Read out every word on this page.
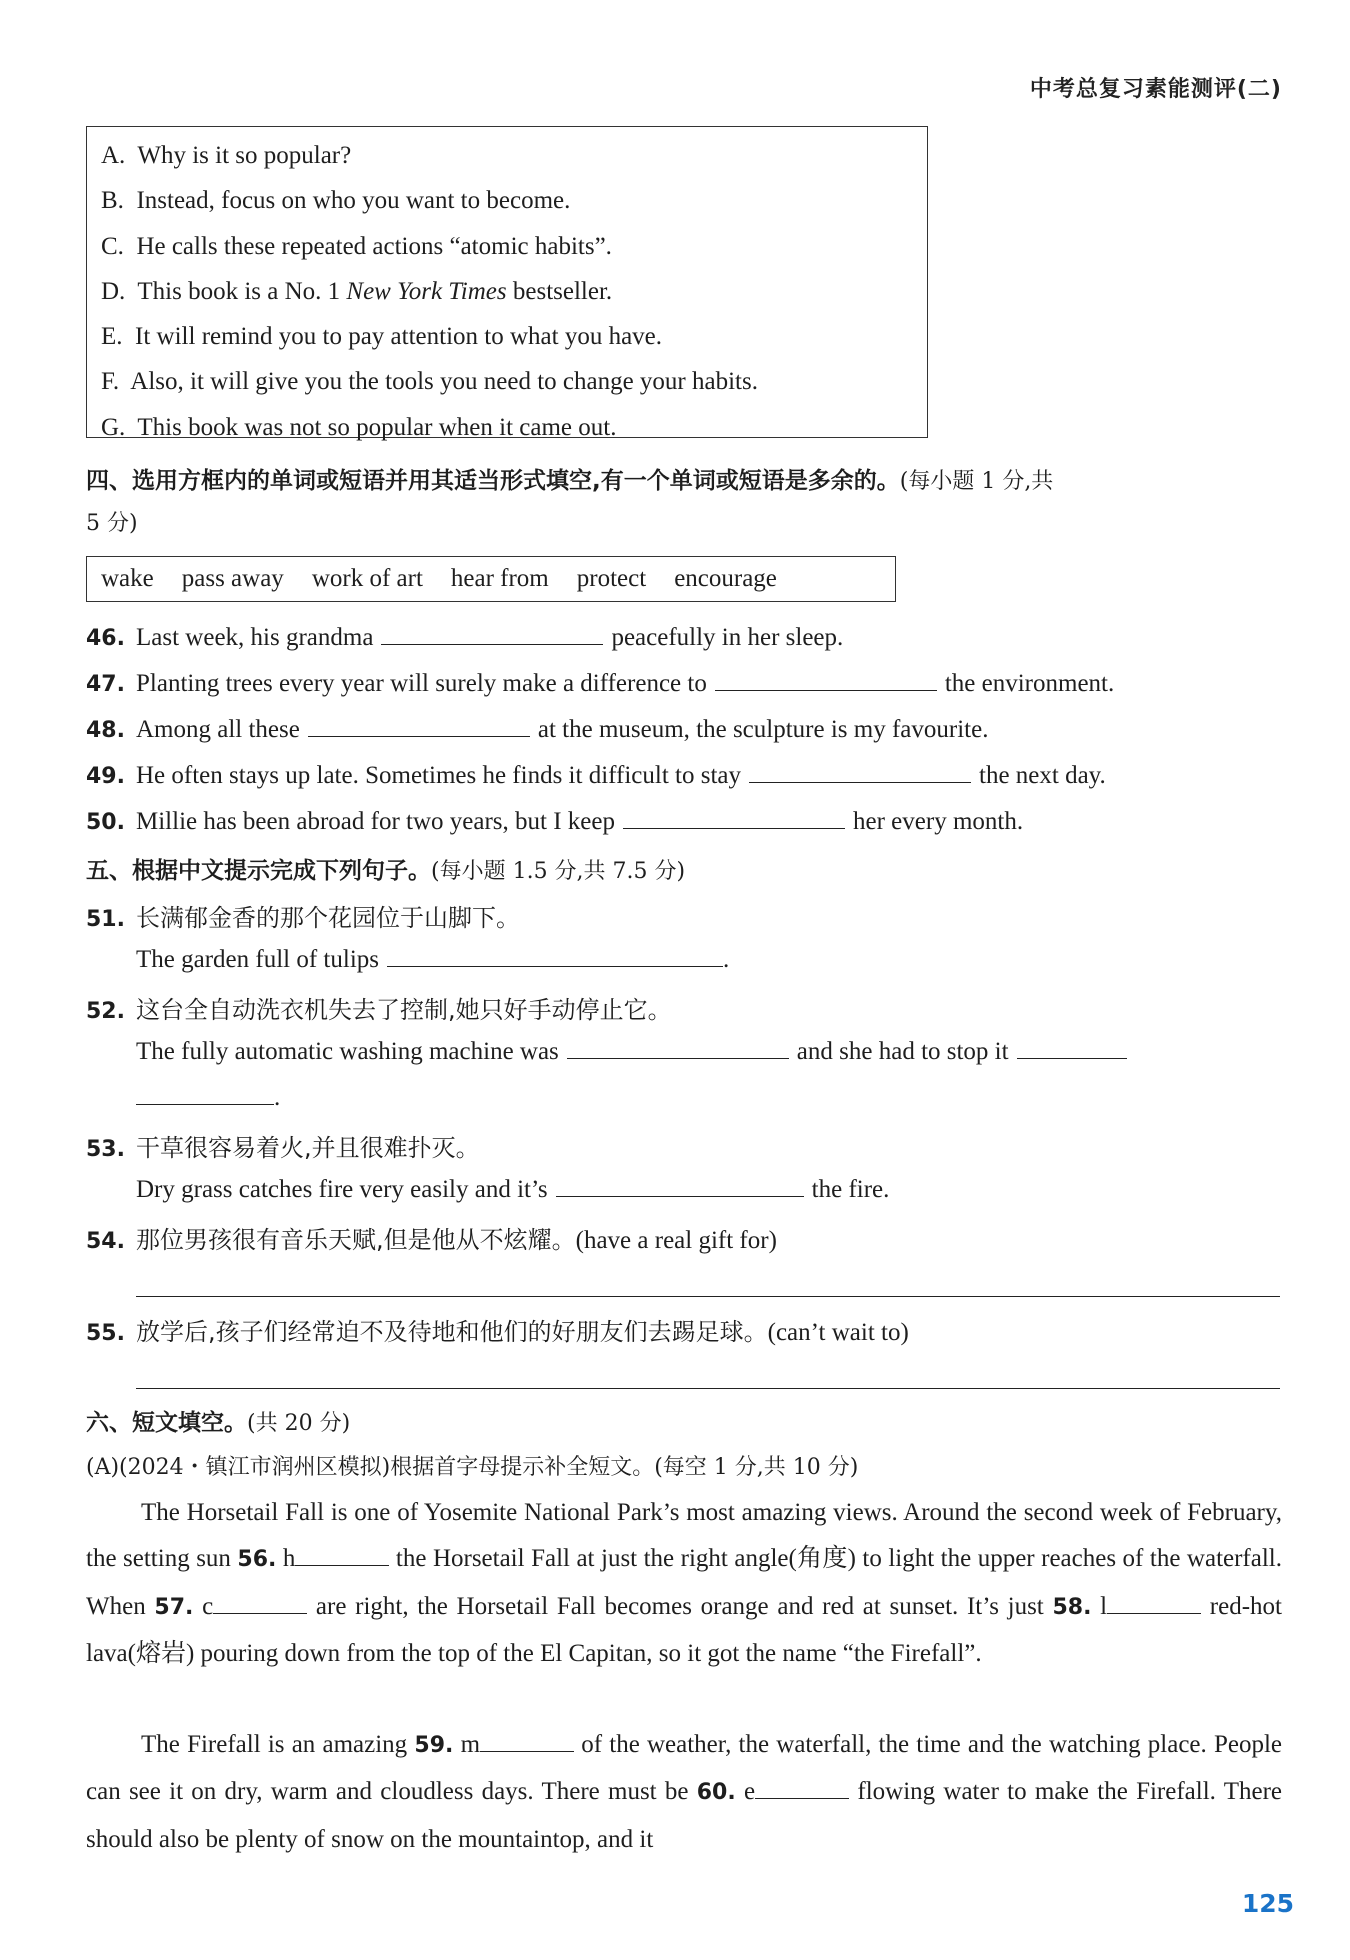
中考总复习素能测评(二)
A. Why is it so popular?
B. Instead, focus on who you want to become.
C. He calls these repeated actions “atomic habits”.
D. This book is a No. 1 New York Times bestseller.
E. It will remind you to pay attention to what you have.
F. Also, it will give you the tools you need to change your habits.
G. This book was not so popular when it came out.
四、选用方框内的单词或短语并用其适当形式填空,有一个单词或短语是多余的。(每小题 1 分,共
5 分)
wake pass away work of art hear from protect encourage
46. Last week, his grandma	peacefully in her sleep.
47. Planting trees every year will surely make a difference to	the environment.
48. Among all these	at the museum, the sculpture is my favourite.
49. He often stays up late. Sometimes he finds it difficult to stay	the next day.
50. Millie has been abroad for two years, but I keep	her every month.
五、根据中文提示完成下列句子。(每小题 1.5 分,共 7.5 分)
51. 长满郁金香的那个花园位于山脚下。
The garden full of tulips	.
52. 这台全自动洗衣机失去了控制,她只好手动停止它。
The fully automatic washing machine was	and she had to stop it
.
53. 干草很容易着火,并且很难扑灭。
Dry grass catches fire very easily and it’s	the fire.
54. 那位男孩很有音乐天赋,但是他从不炫耀。(have a real gift for)
55. 放学后,孩子们经常迫不及待地和他们的好朋友们去踢足球。(can’t wait to)
六、短文填空。(共 20 分)
(A)(2024・镇江市润州区模拟)根据首字母提示补全短文。(每空 1 分,共 10 分)
The Horsetail Fall is one of Yosemite National Park’s most amazing views. Around the second week of February, the setting sun 56. h	the Horsetail Fall at just the right angle(角度) to light the upper reaches of the waterfall. When 57. c	are right, the Horsetail Fall becomes orange and red at sunset. It’s just 58. l	red-hot lava(熔岩) pouring down from the top of the El Capitan, so it got the name “the Firefall”.
The Firefall is an amazing 59. m	of the weather, the waterfall, the time and the watching place. People can see it on dry, warm and cloudless days. There must be 60. e	flowing water to make the Firefall. There should also be plenty of snow on the mountaintop, and it
125
